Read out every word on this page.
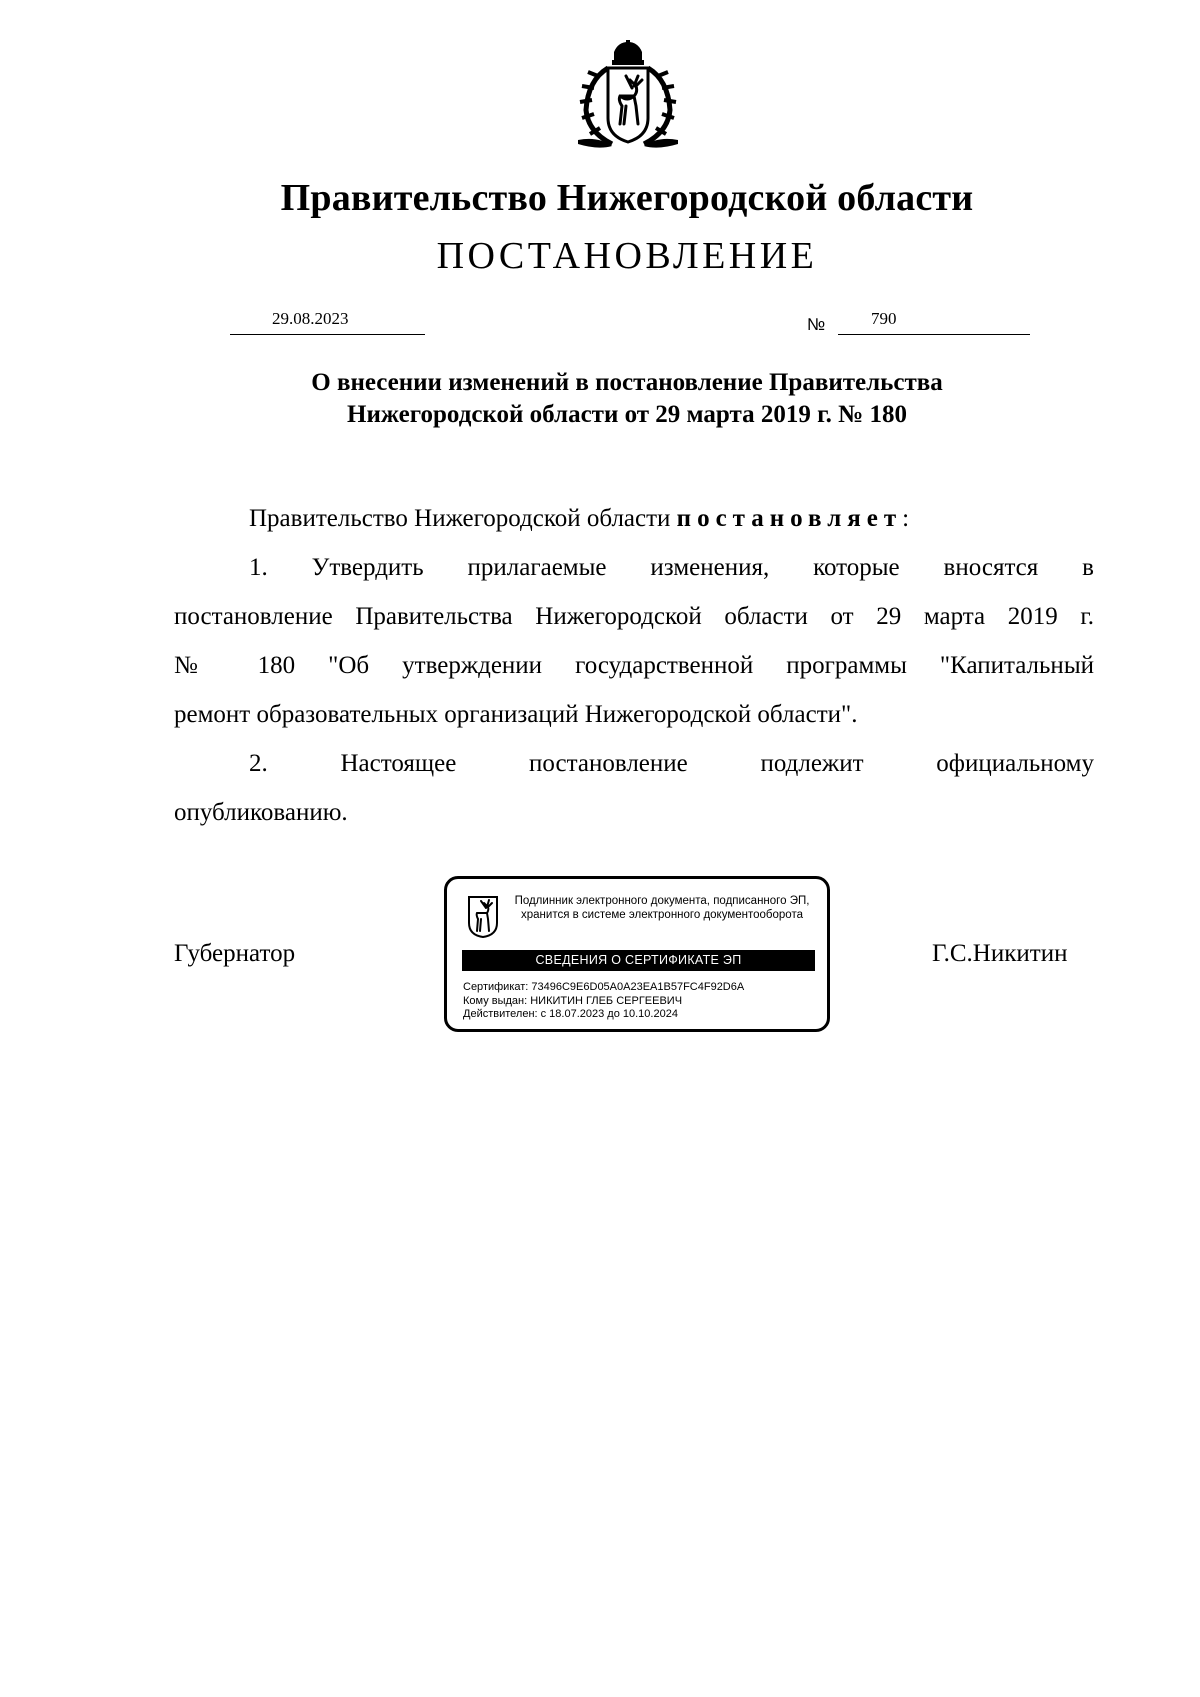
Правительство Нижегородской области
ПОСТАНОВЛЕНИЕ
29.08.2023	№	790
О внесении изменений в постановление Правительства
Нижегородской области от 29 марта 2019 г. № 180

Правительство Нижегородской области постановляет:

1. Утвердить прилагаемые изменения, которые вносятся в

постановление Правительства Нижегородской области от 29 марта 2019 г.

№ 180 "Об утверждении государственной программы "Капитальный

ремонт образовательных организаций Нижегородской области".

2. Настоящее постановление подлежит официальному

опубликованию.

Губернатор	Г.С.Никитин
Подлинник электронного документа, подписанного ЭП,
хранится в системе электронного документооборота
СВЕДЕНИЯ О СЕРТИФИКАТЕ ЭП
Сертификат: 73496C9E6D05A0A23EA1B57FC4F92D6A
Кому выдан: НИКИТИН ГЛЕБ СЕРГЕЕВИЧ
Действителен: с 18.07.2023 до 10.10.2024
